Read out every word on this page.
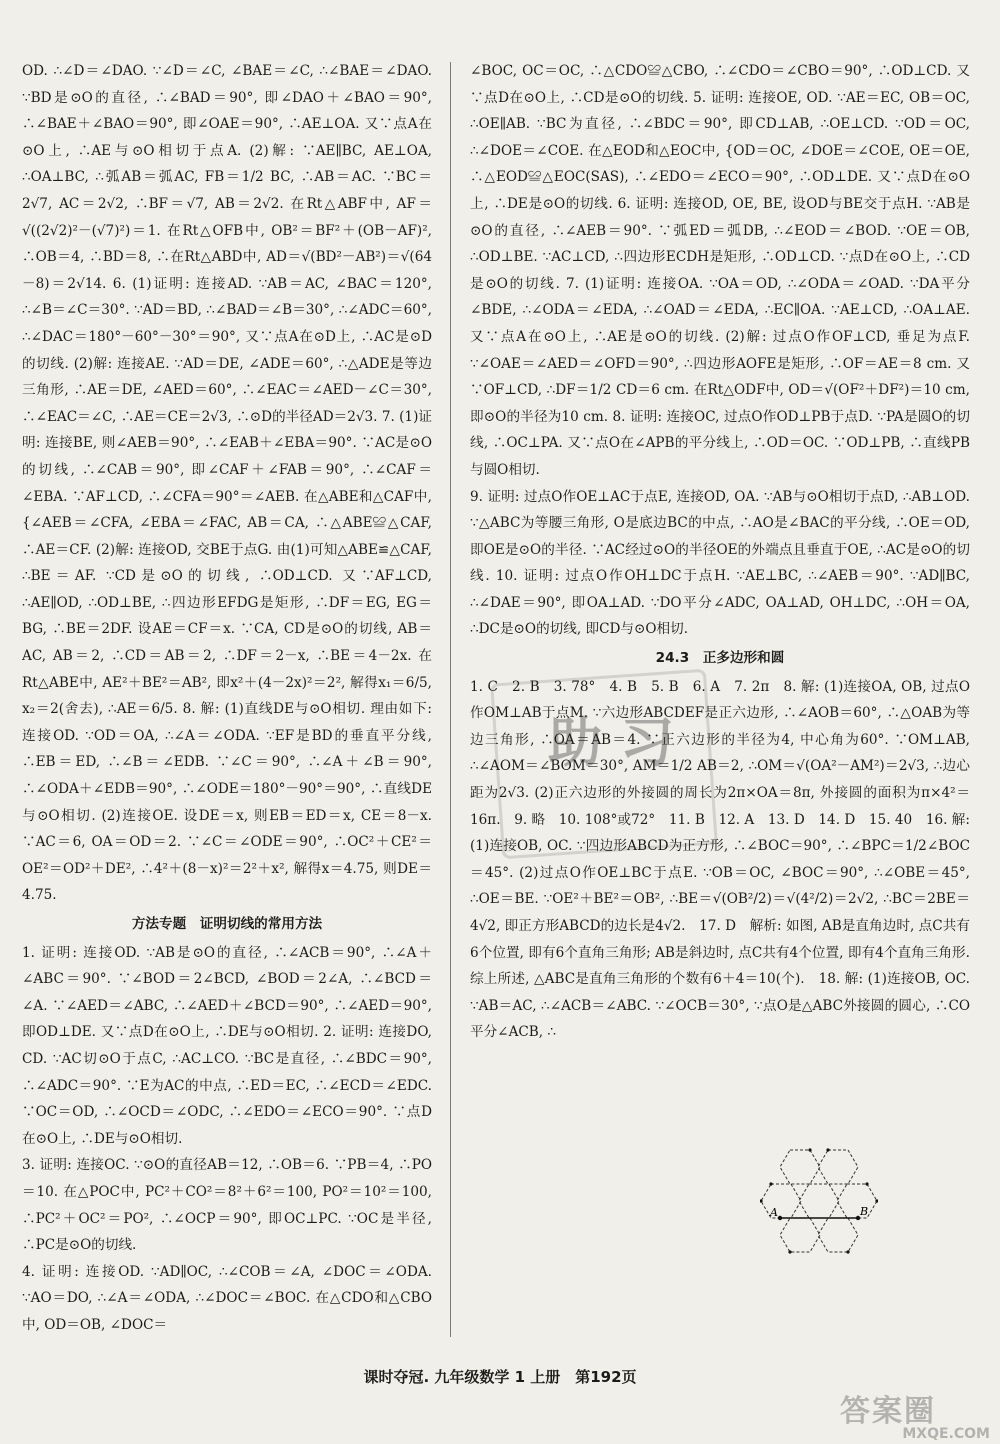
OD. ∴∠D＝∠DAO. ∵∠D＝∠C, ∠BAE＝∠C, ∴∠BAE＝∠DAO. ∵BD是⊙O的直径, ∴∠BAD＝90°, 即∠DAO＋∠BAO＝90°, ∴∠BAE＋∠BAO＝90°, 即∠OAE＝90°, ∴AE⊥OA. 又∵点A在⊙O上, ∴AE与⊙O相切于点A. (2)解: ∵AE∥BC, AE⊥OA, ∴OA⊥BC, ∴弧AB＝弧AC, FB＝1/2 BC, ∴AB＝AC. ∵BC＝2√7, AC＝2√2, ∴BF＝√7, AB＝2√2. 在Rt△ABF中, AF＝√((2√2)²－(√7)²)＝1. 在Rt△OFB中, OB²＝BF²＋(OB－AF)², ∴OB＝4, ∴BD＝8, ∴在Rt△ABD中, AD＝√(BD²－AB²)＝√(64－8)＝2√14. 6. (1)证明: 连接AD. ∵AB＝AC, ∠BAC＝120°, ∴∠B＝∠C＝30°. ∵AD＝BD, ∴∠BAD＝∠B＝30°, ∴∠ADC＝60°, ∴∠DAC＝180°－60°－30°＝90°, 又∵点A在⊙D上, ∴AC是⊙D的切线. (2)解: 连接AE. ∵AD＝DE, ∠ADE＝60°, ∴△ADE是等边三角形, ∴AE＝DE, ∠AED＝60°, ∴∠EAC＝∠AED－∠C＝30°, ∴∠EAC＝∠C, ∴AE＝CE＝2√3, ∴⊙D的半径AD＝2√3. 7. (1)证明: 连接BE, 则∠AEB＝90°, ∴∠EAB＋∠EBA＝90°. ∵AC是⊙O的切线, ∴∠CAB＝90°, 即∠CAF＋∠FAB＝90°, ∴∠CAF＝∠EBA. ∵AF⊥CD, ∴∠CFA＝90°＝∠AEB. 在△ABE和△CAF中, {∠AEB＝∠CFA, ∠EBA＝∠FAC, AB＝CA, ∴△ABE≌△CAF, ∴AE＝CF. (2)解: 连接OD, 交BE于点G. 由(1)可知△ABE≌△CAF, ∴BE＝AF. ∵CD是⊙O的切线, ∴OD⊥CD. 又∵AF⊥CD, ∴AE∥OD, ∴OD⊥BE, ∴四边形EFDG是矩形, ∴DF＝EG, EG＝BG, ∴BE＝2DF. 设AE＝CF＝x. ∵CA, CD是⊙O的切线, AB＝AC, AB＝2, ∴CD＝AB＝2, ∴DF＝2－x, ∴BE＝4－2x. 在Rt△ABE中, AE²＋BE²＝AB², 即x²＋(4－2x)²＝2², 解得x₁＝6/5, x₂＝2(舍去), ∴AE＝6/5. 8. 解: (1)直线DE与⊙O相切. 理由如下: 连接OD. ∵OD＝OA, ∴∠A＝∠ODA. ∵EF是BD的垂直平分线, ∴EB＝ED, ∴∠B＝∠EDB. ∵∠C＝90°, ∴∠A＋∠B＝90°, ∴∠ODA＋∠EDB＝90°, ∴∠ODE＝180°－90°＝90°, ∴直线DE与⊙O相切. (2)连接OE. 设DE＝x, 则EB＝ED＝x, CE＝8－x. ∵AC＝6, OA＝OD＝2. ∵∠C＝∠ODE＝90°, ∴OC²＋CE²＝OE²＝OD²＋DE², ∴4²＋(8－x)²＝2²＋x², 解得x＝4.75, 则DE＝4.75.

方法专题　证明切线的常用方法

1. 证明: 连接OD. ∵AB是⊙O的直径, ∴∠ACB＝90°, ∴∠A＋∠ABC＝90°. ∵∠BOD＝2∠BCD, ∠BOD＝2∠A, ∴∠BCD＝∠A. ∵∠AED＝∠ABC, ∴∠AED＋∠BCD＝90°, ∴∠AED＝90°, 即OD⊥DE. 又∵点D在⊙O上, ∴DE与⊙O相切. 2. 证明: 连接DO, CD. ∵AC切⊙O于点C, ∴AC⊥CO. ∵BC是直径, ∴∠BDC＝90°, ∴∠ADC＝90°. ∵E为AC的中点, ∴ED＝EC, ∴∠ECD＝∠EDC. ∵OC＝OD, ∴∠OCD＝∠ODC, ∴∠EDO＝∠ECO＝90°. ∵点D在⊙O上, ∴DE与⊙O相切.

3. 证明: 连接OC. ∵⊙O的直径AB＝12, ∴OB＝6. ∵PB＝4, ∴PO＝10. 在△POC中, PC²＋CO²＝8²＋6²＝100, PO²＝10²＝100, ∴PC²＋OC²＝PO², ∴∠OCP＝90°, 即OC⊥PC. ∵OC是半径, ∴PC是⊙O的切线.

4. 证明: 连接OD. ∵AD∥OC, ∴∠COB＝∠A, ∠DOC＝∠ODA. ∵AO＝DO, ∴∠A＝∠ODA, ∴∠DOC＝∠BOC. 在△CDO和△CBO中, OD＝OB, ∠DOC＝

∠BOC, OC＝OC, ∴△CDO≌△CBO, ∴∠CDO＝∠CBO＝90°, ∴OD⊥CD. 又∵点D在⊙O上, ∴CD是⊙O的切线. 5. 证明: 连接OE, OD. ∵AE＝EC, OB＝OC, ∴OE∥AB. ∵BC为直径, ∴∠BDC＝90°, 即CD⊥AB, ∴OE⊥CD. ∵OD＝OC, ∴∠DOE＝∠COE. 在△EOD和△EOC中, {OD＝OC, ∠DOE＝∠COE, OE＝OE, ∴△EOD≌△EOC(SAS), ∴∠EDO＝∠ECO＝90°, ∴OD⊥DE. 又∵点D在⊙O上, ∴DE是⊙O的切线. 6. 证明: 连接OD, OE, BE, 设OD与BE交于点H. ∵AB是⊙O的直径, ∴∠AEB＝90°. ∵弧ED＝弧DB, ∴∠EOD＝∠BOD. ∵OE＝OB, ∴OD⊥BE. ∵AC⊥CD, ∴四边形ECDH是矩形, ∴OD⊥CD. ∵点D在⊙O上, ∴CD是⊙O的切线. 7. (1)证明: 连接OA. ∵OA＝OD, ∴∠ODA＝∠OAD. ∵DA平分∠BDE, ∴∠ODA＝∠EDA, ∴∠OAD＝∠EDA, ∴EC∥OA. ∵AE⊥CD, ∴OA⊥AE. 又∵点A在⊙O上, ∴AE是⊙O的切线. (2)解: 过点O作OF⊥CD, 垂足为点F. ∵∠OAE＝∠AED＝∠OFD＝90°, ∴四边形AOFE是矩形, ∴OF＝AE＝8 cm. 又∵OF⊥CD, ∴DF＝1/2 CD＝6 cm. 在Rt△ODF中, OD＝√(OF²＋DF²)＝10 cm, 即⊙O的半径为10 cm. 8. 证明: 连接OC, 过点O作OD⊥PB于点D. ∵PA是圆O的切线, ∴OC⊥PA. 又∵点O在∠APB的平分线上, ∴OD＝OC. ∵OD⊥PB, ∴直线PB与圆O相切.

9. 证明: 过点O作OE⊥AC于点E, 连接OD, OA. ∵AB与⊙O相切于点D, ∴AB⊥OD. ∵△ABC为等腰三角形, O是底边BC的中点, ∴AO是∠BAC的平分线, ∴OE＝OD, 即OE是⊙O的半径. ∵AC经过⊙O的半径OE的外端点且垂直于OE, ∴AC是⊙O的切线. 10. 证明: 过点O作OH⊥DC于点H. ∵AE⊥BC, ∴∠AEB＝90°. ∵AD∥BC, ∴∠DAE＝90°, 即OA⊥AD. ∵DO平分∠ADC, OA⊥AD, OH⊥DC, ∴OH＝OA, ∴DC是⊙O的切线, 即CD与⊙O相切.

24.3　正多边形和圆

1. C　2. B　3. 78°　4. B　5. B　6. A　7. 2π　8. 解: (1)连接OA, OB, 过点O作OM⊥AB于点M. ∵六边形ABCDEF是正六边形, ∴∠AOB＝60°, ∴△OAB为等边三角形, ∴OA＝AB＝4. ∵正六边形的半径为4, 中心角为60°. ∵OM⊥AB, ∴∠AOM＝∠BOM＝30°, AM＝1/2 AB＝2, ∴OM＝√(OA²－AM²)＝2√3, ∴边心距为2√3. (2)正六边形的外接圆的周长为2π×OA＝8π, 外接圆的面积为π×4²＝16π.　9. 略　10. 108°或72°　11. B　12. A　13. D　14. D　15. 40　16. 解: (1)连接OB, OC. ∵四边形ABCD为正方形, ∴∠BOC＝90°, ∴∠BPC＝1/2∠BOC＝45°. (2)过点O作OE⊥BC于点E. ∵OB＝OC, ∠BOC＝90°, ∴∠OBE＝45°, ∴OE＝BE. ∵OE²＋BE²＝OB², ∴BE＝√(OB²/2)＝√(4²/2)＝2√2, ∴BC＝2BE＝4√2, 即正方形ABCD的边长是4√2.　17. D　解析: 如图, AB是直角边时, 点C共有6个位置, 即有6个直角三角形; AB是斜边时, 点C共有4个位置, 即有4个直角三角形. 综上所述, △ABC是直角三角形的个数有6＋4＝10(个).　18. 解: (1)连接OB, OC. ∵AB＝AC, ∴∠ACB＝∠ABC. ∵∠OCB＝30°, ∵点O是△ABC外接圆的圆心, ∴CO平分∠ACB, ∴

助习
A	B
课时夺冠. 九年级数学 1 上册　第192页
答案圈
MXQE.COM
